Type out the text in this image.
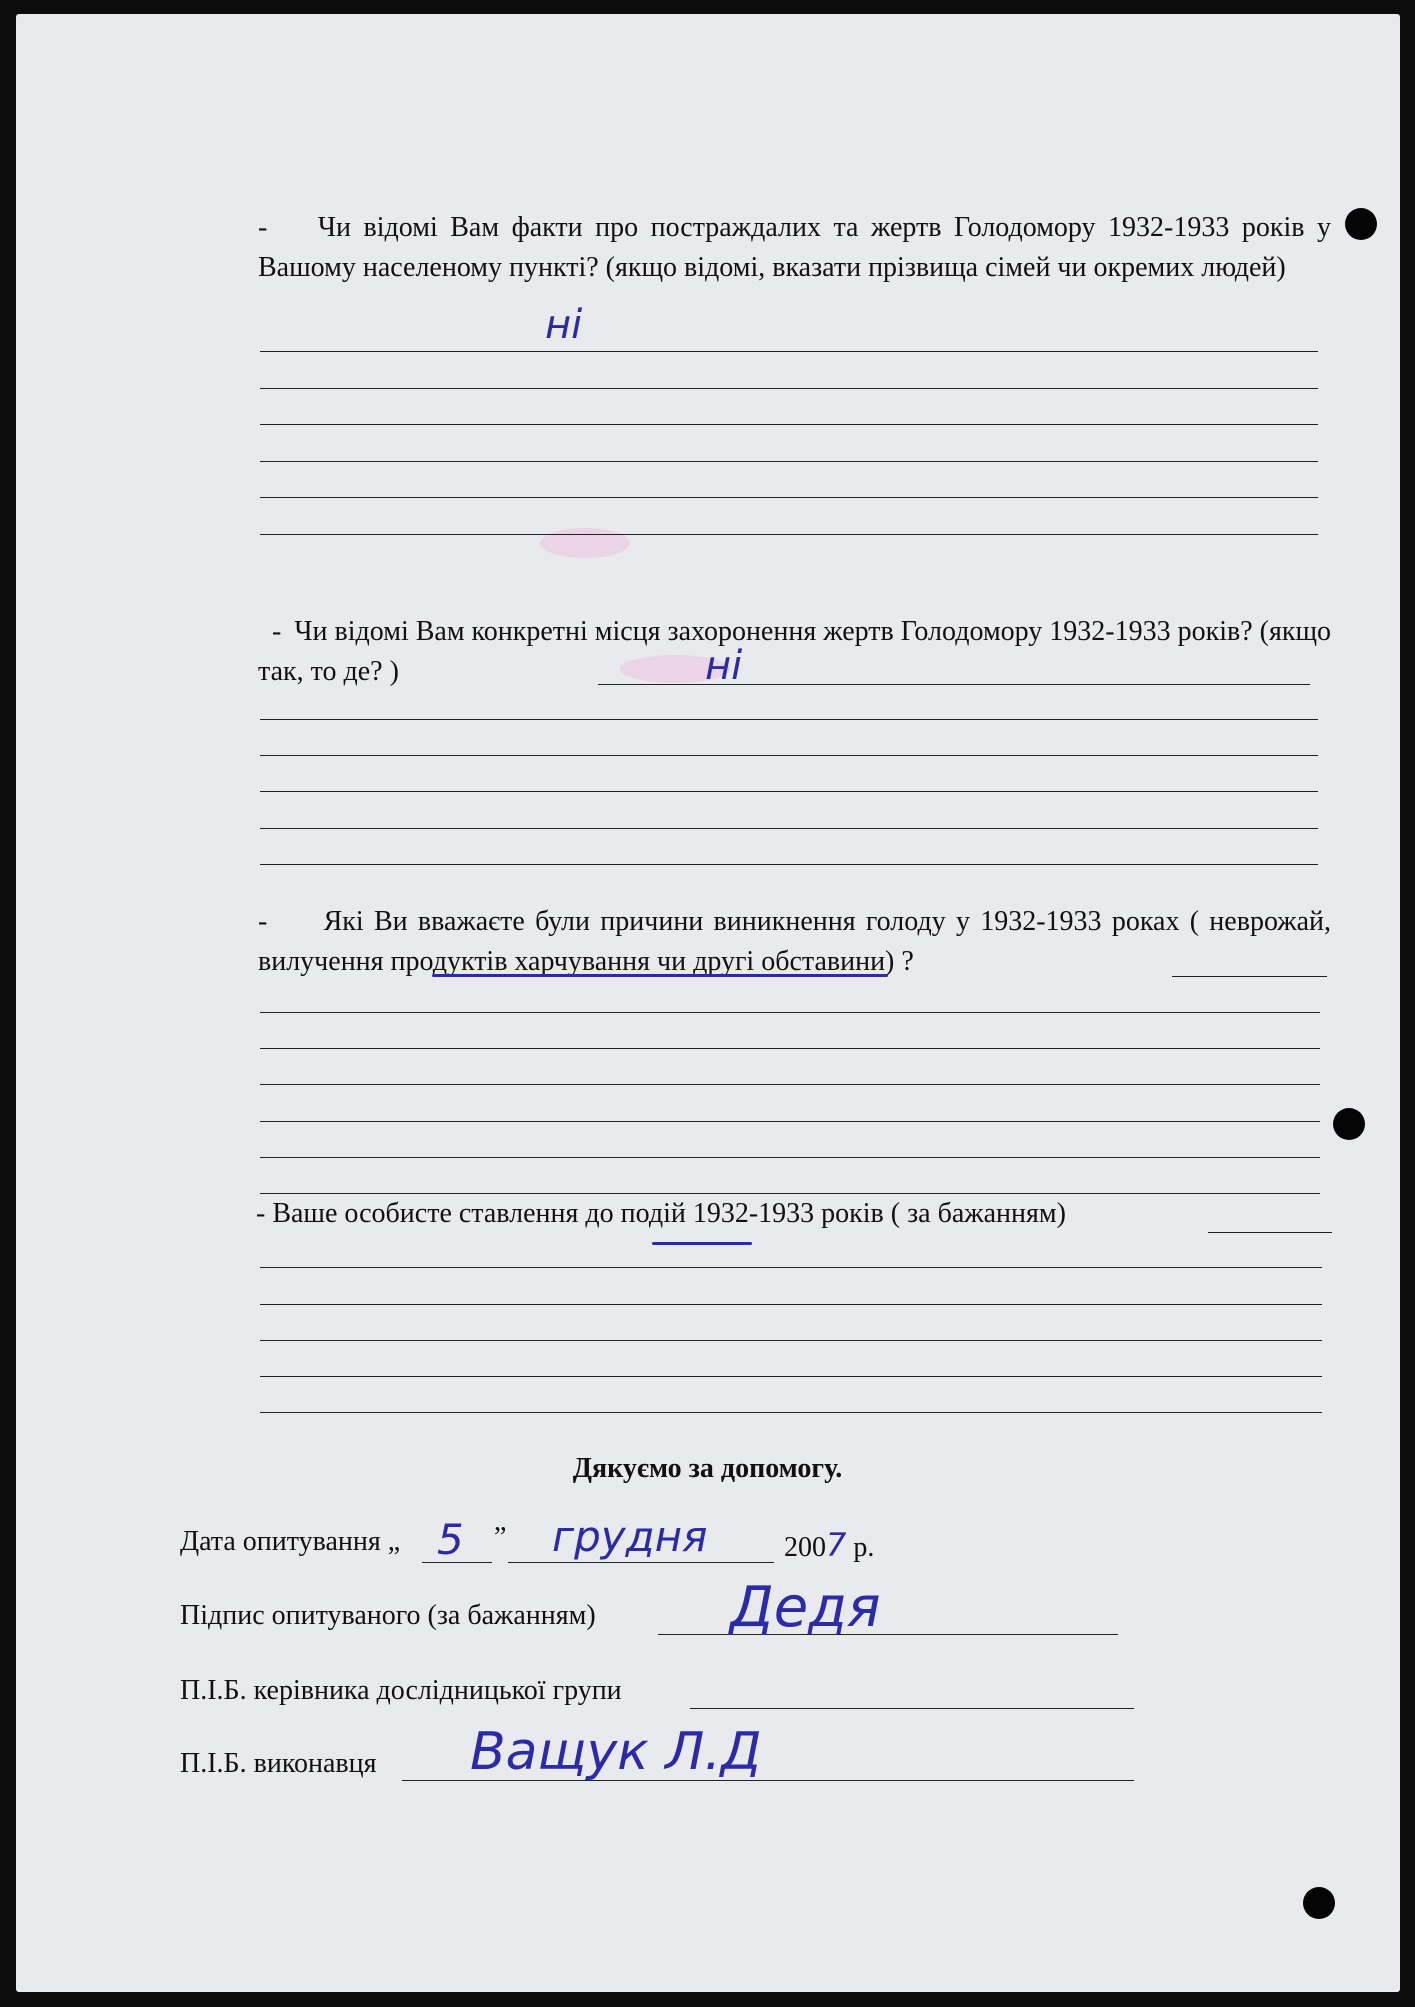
- Чи відомі Вам факти про постраждалих та жертв Голодомору 1932-1933 років у Вашому населеному пункті? (якщо відомі, вказати прізвища сімей чи окремих людей)
ні
- Чи відомі Вам конкретні місця захоронення жертв Голодомору 1932-1933 років? (якщо так, то де? )	ні
- Які Ви вважаєте були причини виникнення голоду у 1932-1933 роках ( неврожай, вилучення продуктів харчування чи другі обставини) ?
- Ваше особисте ставлення до подій 1932-1933 років ( за бажанням)
Дякуємо за допомогу.
Дата опитування „ 5 ” грудня	2007 р.
Підпис опитуваного (за бажанням) Дедя
П.І.Б. керівника дослідницької групи
П.І.Б. виконавця Ващук Л.Д
